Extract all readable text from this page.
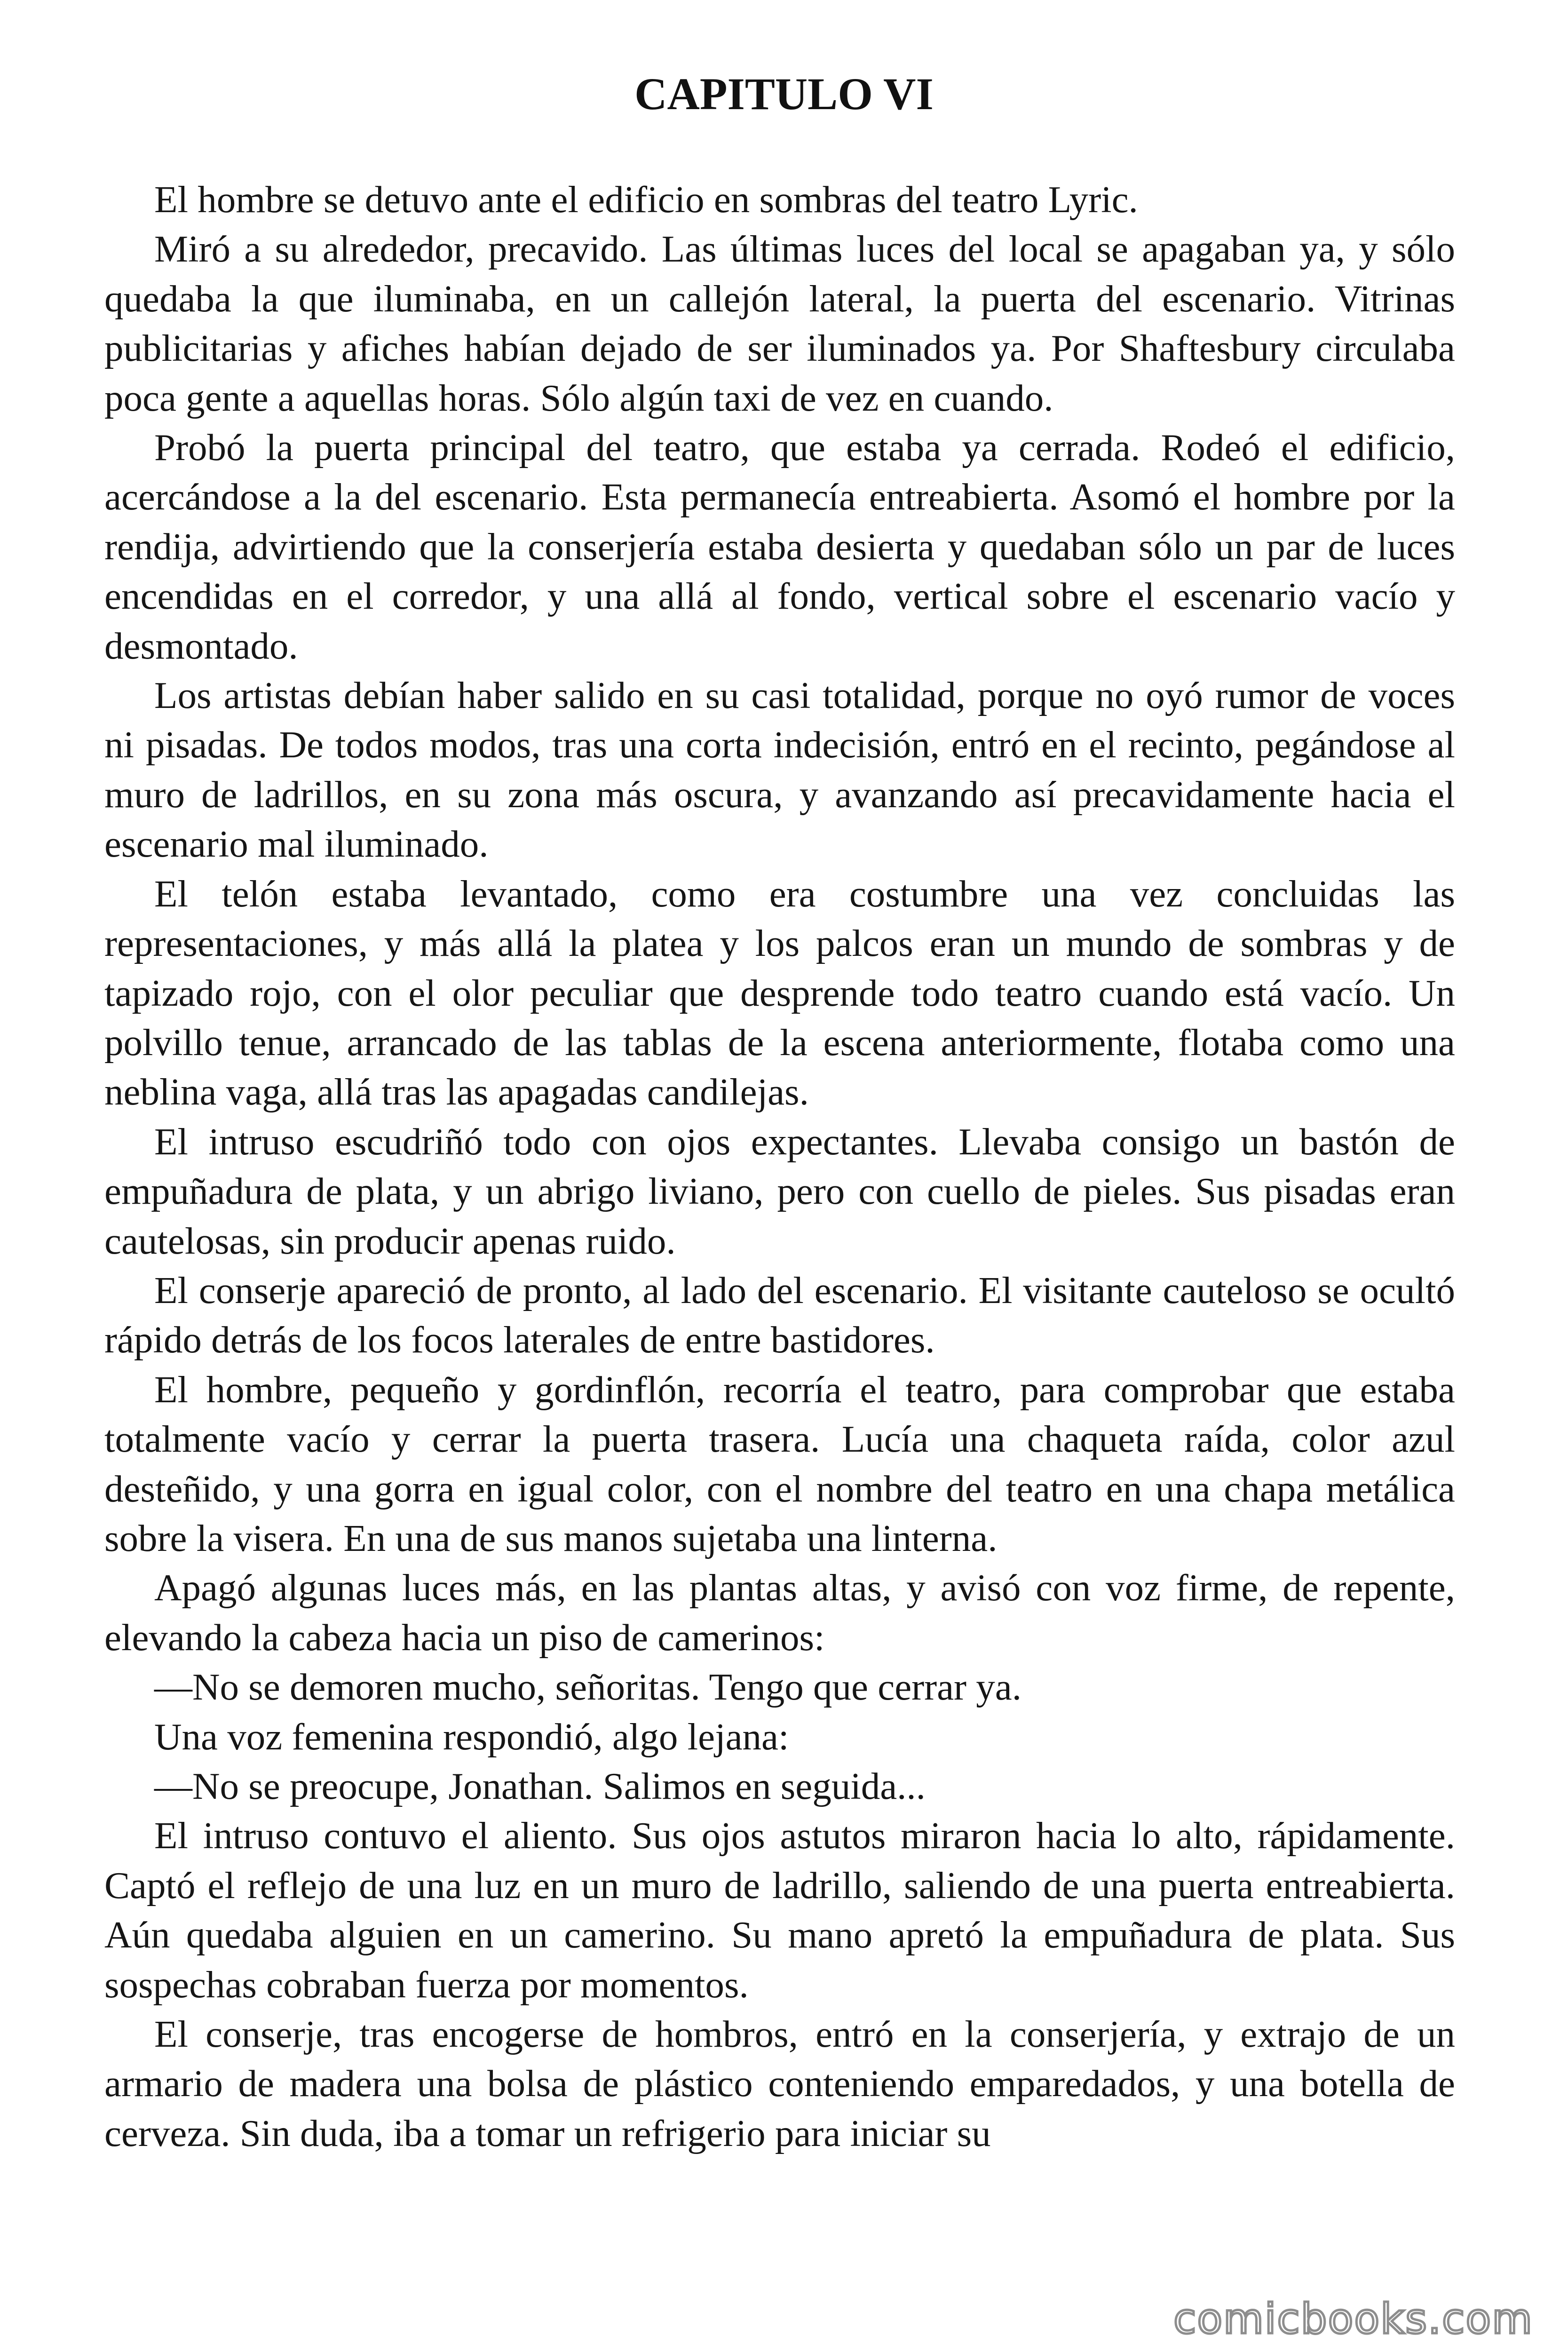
CAPITULO VI

El hombre se detuvo ante el edificio en sombras del teatro Lyric.

Miró a su alrededor, precavido. Las últimas luces del local se apagaban ya, y sólo quedaba la que iluminaba, en un callejón lateral, la puerta del escenario. Vitrinas publicitarias y afiches habían dejado de ser iluminados ya. Por Shaftesbury circulaba poca gente a aquellas horas. Sólo algún taxi de vez en cuando.

Probó la puerta principal del teatro, que estaba ya cerrada. Rodeó el edificio, acercándose a la del escenario. Esta permanecía entreabierta. Asomó el hombre por la rendija, advirtiendo que la conserjería estaba desierta y quedaban sólo un par de luces encendidas en el corredor, y una allá al fondo, vertical sobre el escenario vacío y desmontado.

Los artistas debían haber salido en su casi totalidad, porque no oyó rumor de voces ni pisadas. De todos modos, tras una corta indecisión, entró en el recinto, pegándose al muro de ladrillos, en su zona más oscura, y avanzando así precavidamente hacia el escenario mal iluminado.

El telón estaba levantado, como era costumbre una vez concluidas las representaciones, y más allá la platea y los palcos eran un mundo de sombras y de tapizado rojo, con el olor peculiar que desprende todo teatro cuando está vacío. Un polvillo tenue, arrancado de las tablas de la escena anteriormente, flotaba como una neblina vaga, allá tras las apagadas candilejas.

El intruso escudriñó todo con ojos expectantes. Llevaba consigo un bastón de empuñadura de plata, y un abrigo liviano, pero con cuello de pieles. Sus pisadas eran cautelosas, sin producir apenas ruido.

El conserje apareció de pronto, al lado del escenario. El visitante cauteloso se ocultó rápido detrás de los focos laterales de entre bastidores.

El hombre, pequeño y gordinflón, recorría el teatro, para comprobar que estaba totalmente vacío y cerrar la puerta trasera. Lucía una chaqueta raída, color azul desteñido, y una gorra en igual color, con el nombre del teatro en una chapa metálica sobre la visera. En una de sus manos sujetaba una linterna.

Apagó algunas luces más, en las plantas altas, y avisó con voz firme, de repente, elevando la cabeza hacia un piso de camerinos:

—No se demoren mucho, señoritas. Tengo que cerrar ya.

Una voz femenina respondió, algo lejana:

—No se preocupe, Jonathan. Salimos en seguida...

El intruso contuvo el aliento. Sus ojos astutos miraron hacia lo alto, rápidamente. Captó el reflejo de una luz en un muro de ladrillo, saliendo de una puerta entreabierta. Aún quedaba alguien en un camerino. Su mano apretó la empuñadura de plata. Sus sospechas cobraban fuerza por momentos.

El conserje, tras encogerse de hombros, entró en la conserjería, y extrajo de un armario de madera una bolsa de plástico conteniendo emparedados, y una botella de cerveza. Sin duda, iba a tomar un refrigerio para iniciar su

comicbooks.com
